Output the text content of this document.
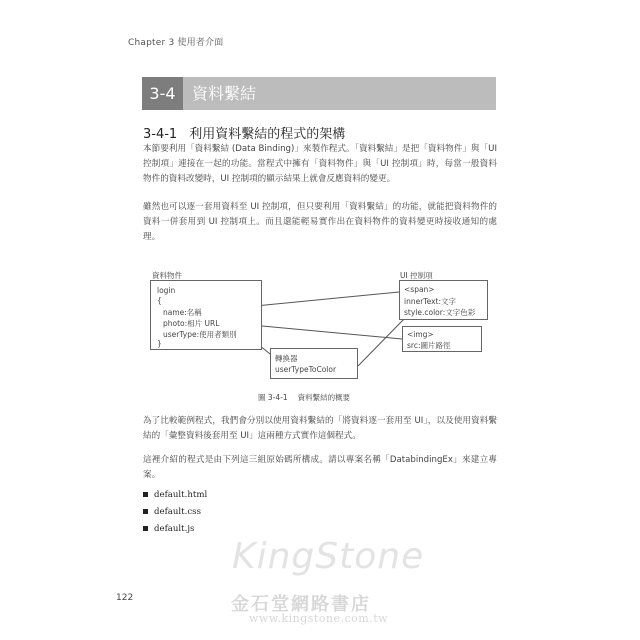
Chapter 3 使用者介面
3-4	資料繫結
3-4-1 利用資料繫結的程式的架構
本節要利用「資料繫結 (Data Binding)」來製作程式。「資料繫結」是把「資料物件」與「UI 控制項」連接在一起的功能。當程式中擁有「資料物件」與「UI 控制項」時，每當一般資料物件的資料改變時，UI 控制項的顯示結果上就會反應資料的變更。
雖然也可以逐一套用資料至 UI 控制項，但只要利用「資料繫結」的功能，就能把資料物件的資料一併套用到 UI 控制項上。而且還能輕易實作出在資料物件的資料變更時接收通知的處理。
資料物件	UI 控制項
login
{
name:名稱
photo:相片 URL
userType:使用者類別
}
<span>
innerText:文字
style.color:文字色彩
<img>
src:圖片路徑
轉換器
userTypeToColor
圖 3-4-1 資料繫結的概要
為了比較範例程式，我們會分別以使用資料繫結的「將資料逐一套用至 UI」，以及使用資料繫結的「彙整資料後套用至 UI」這兩種方式實作這個程式。
這裡介紹的程式是由下列這三組原始碼所構成。請以專案名稱「DatabindingEx」來建立專案。
default.html
default.css
default.js
KingStone
金石堂網路書店
www.kingstone.com.tw
122
